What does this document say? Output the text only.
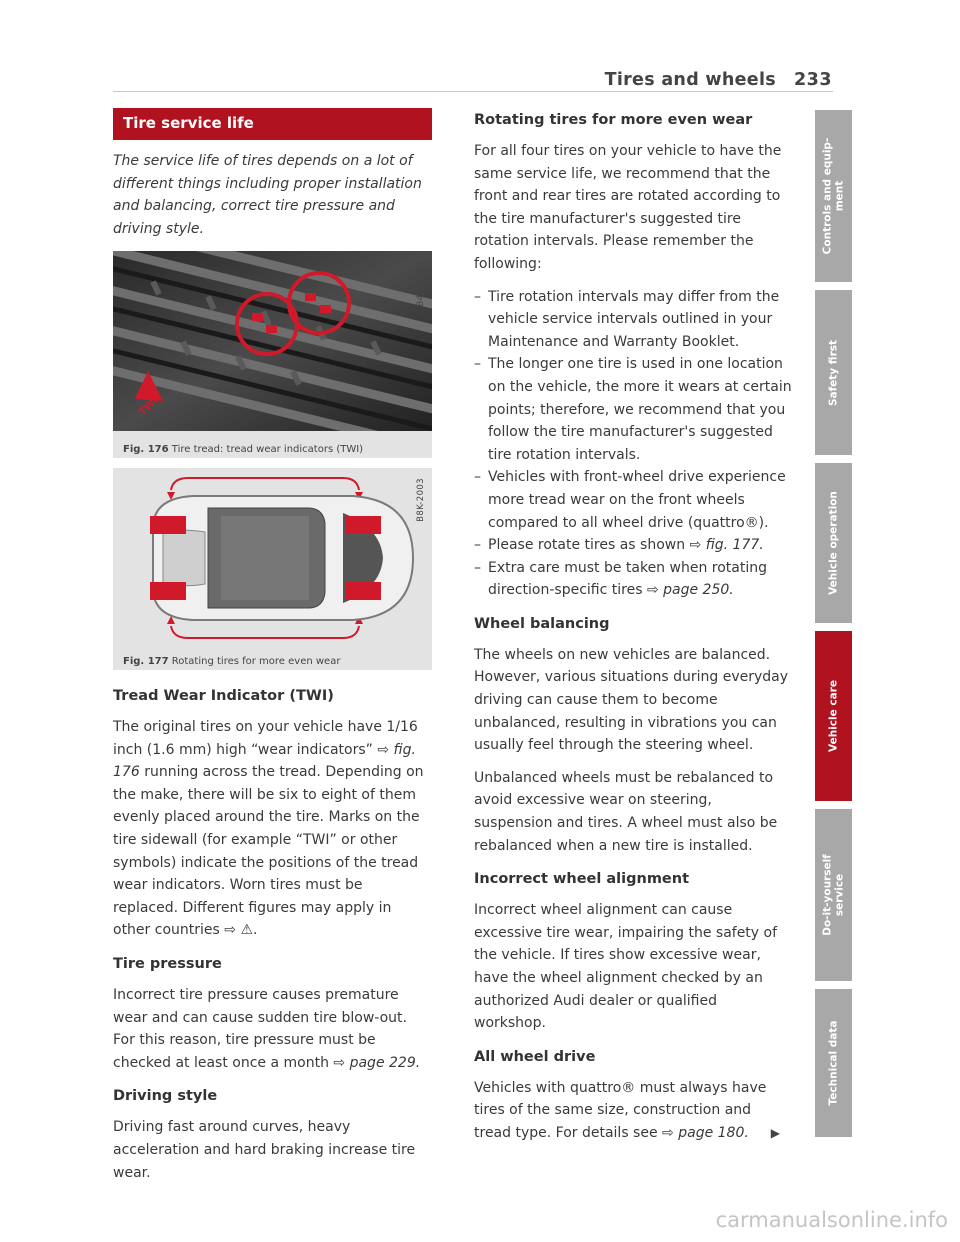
Tires and wheels 233
Tire service life

The service life of tires depends on a lot of different things including proper installation and balancing, correct tire pressure and driving style.

TWI
B4H-0415
Fig. 176 Tire tread: tread wear indicators (TWI)
B8K-2003
Fig. 177 Rotating tires for more even wear
Tread Wear Indicator (TWI)

The original tires on your vehicle have 1/16 inch (1.6 mm) high “wear indicators” ⇨ fig. 176 running across the tread. Depending on the make, there will be six to eight of them evenly placed around the tire. Marks on the tire sidewall (for example “TWI” or other symbols) indicate the positions of the tread wear indicators. Worn tires must be replaced. Different figures may apply in other countries ⇨ ⚠.

Tire pressure

Incorrect tire pressure causes premature wear and can cause sudden tire blow-out. For this reason, tire pressure must be checked at least once a month ⇨ page 229.

Driving style

Driving fast around curves, heavy acceleration and hard braking increase tire wear.

Rotating tires for more even wear

For all four tires on your vehicle to have the same service life, we recommend that the front and rear tires are rotated according to the tire manufacturer's suggested tire rotation intervals. Please remember the following:

– Tire rotation intervals may differ from the vehicle service intervals outlined in your Maintenance and Warranty Booklet.
– The longer one tire is used in one location on the vehicle, the more it wears at certain points; therefore, we recommend that you follow the tire manufacturer's suggested tire rotation intervals.
– Vehicles with front-wheel drive experience more tread wear on the front wheels compared to all wheel drive (quattro®).
– Please rotate tires as shown ⇨ fig. 177.
– Extra care must be taken when rotating direction-specific tires ⇨ page 250.
Wheel balancing

The wheels on new vehicles are balanced. However, various situations during everyday driving can cause them to become unbalanced, resulting in vibrations you can usually feel through the steering wheel.

Unbalanced wheels must be rebalanced to avoid excessive wear on steering, suspension and tires. A wheel must also be rebalanced when a new tire is installed.

Incorrect wheel alignment

Incorrect wheel alignment can cause excessive tire wear, impairing the safety of the vehicle. If tires show excessive wear, have the wheel alignment checked by an authorized Audi dealer or qualified workshop.

All wheel drive

Vehicles with quattro® must always have tires of the same size, construction and tread type. For details see ⇨ page 180. ▶

Controls and equip-
ment
Safety first
Vehicle operation
Vehicle care
Do-it-yourself
service
Technical data
carmanualsonline.info
